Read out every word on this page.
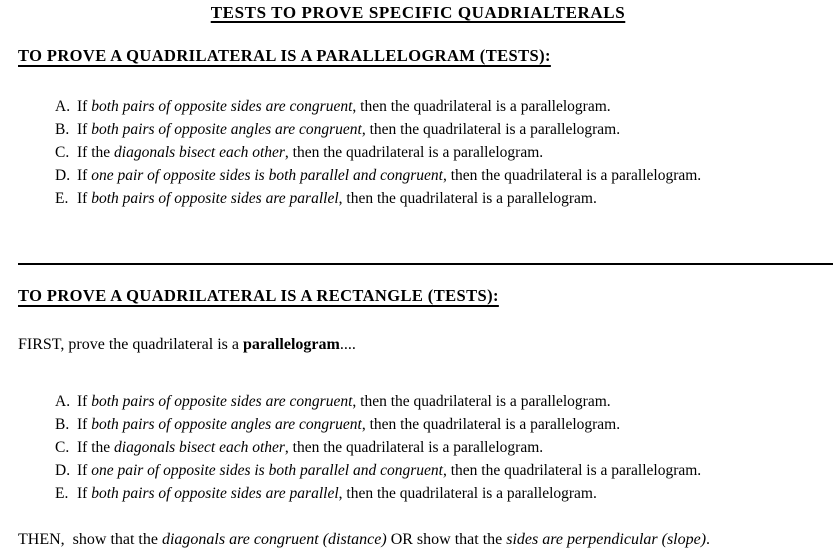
TESTS TO PROVE SPECIFIC QUADRIALTERALS
TO PROVE A QUADRILATERAL IS A PARALLELOGRAM (TESTS):
A. If both pairs of opposite sides are congruent, then the quadrilateral is a parallelogram.
B. If both pairs of opposite angles are congruent, then the quadrilateral is a parallelogram.
C. If the diagonals bisect each other, then the quadrilateral is a parallelogram.
D. If one pair of opposite sides is both parallel and congruent, then the quadrilateral is a parallelogram.
E. If both pairs of opposite sides are parallel, then the quadrilateral is a parallelogram.
TO PROVE A QUADRILATERAL IS A RECTANGLE (TESTS):

FIRST, prove the quadrilateral is a parallelogram....

A. If both pairs of opposite sides are congruent, then the quadrilateral is a parallelogram.
B. If both pairs of opposite angles are congruent, then the quadrilateral is a parallelogram.
C. If the diagonals bisect each other, then the quadrilateral is a parallelogram.
D. If one pair of opposite sides is both parallel and congruent, then the quadrilateral is a parallelogram.
E. If both pairs of opposite sides are parallel, then the quadrilateral is a parallelogram.

THEN,  show that the diagonals are congruent (distance) OR show that the sides are perpendicular (slope).
